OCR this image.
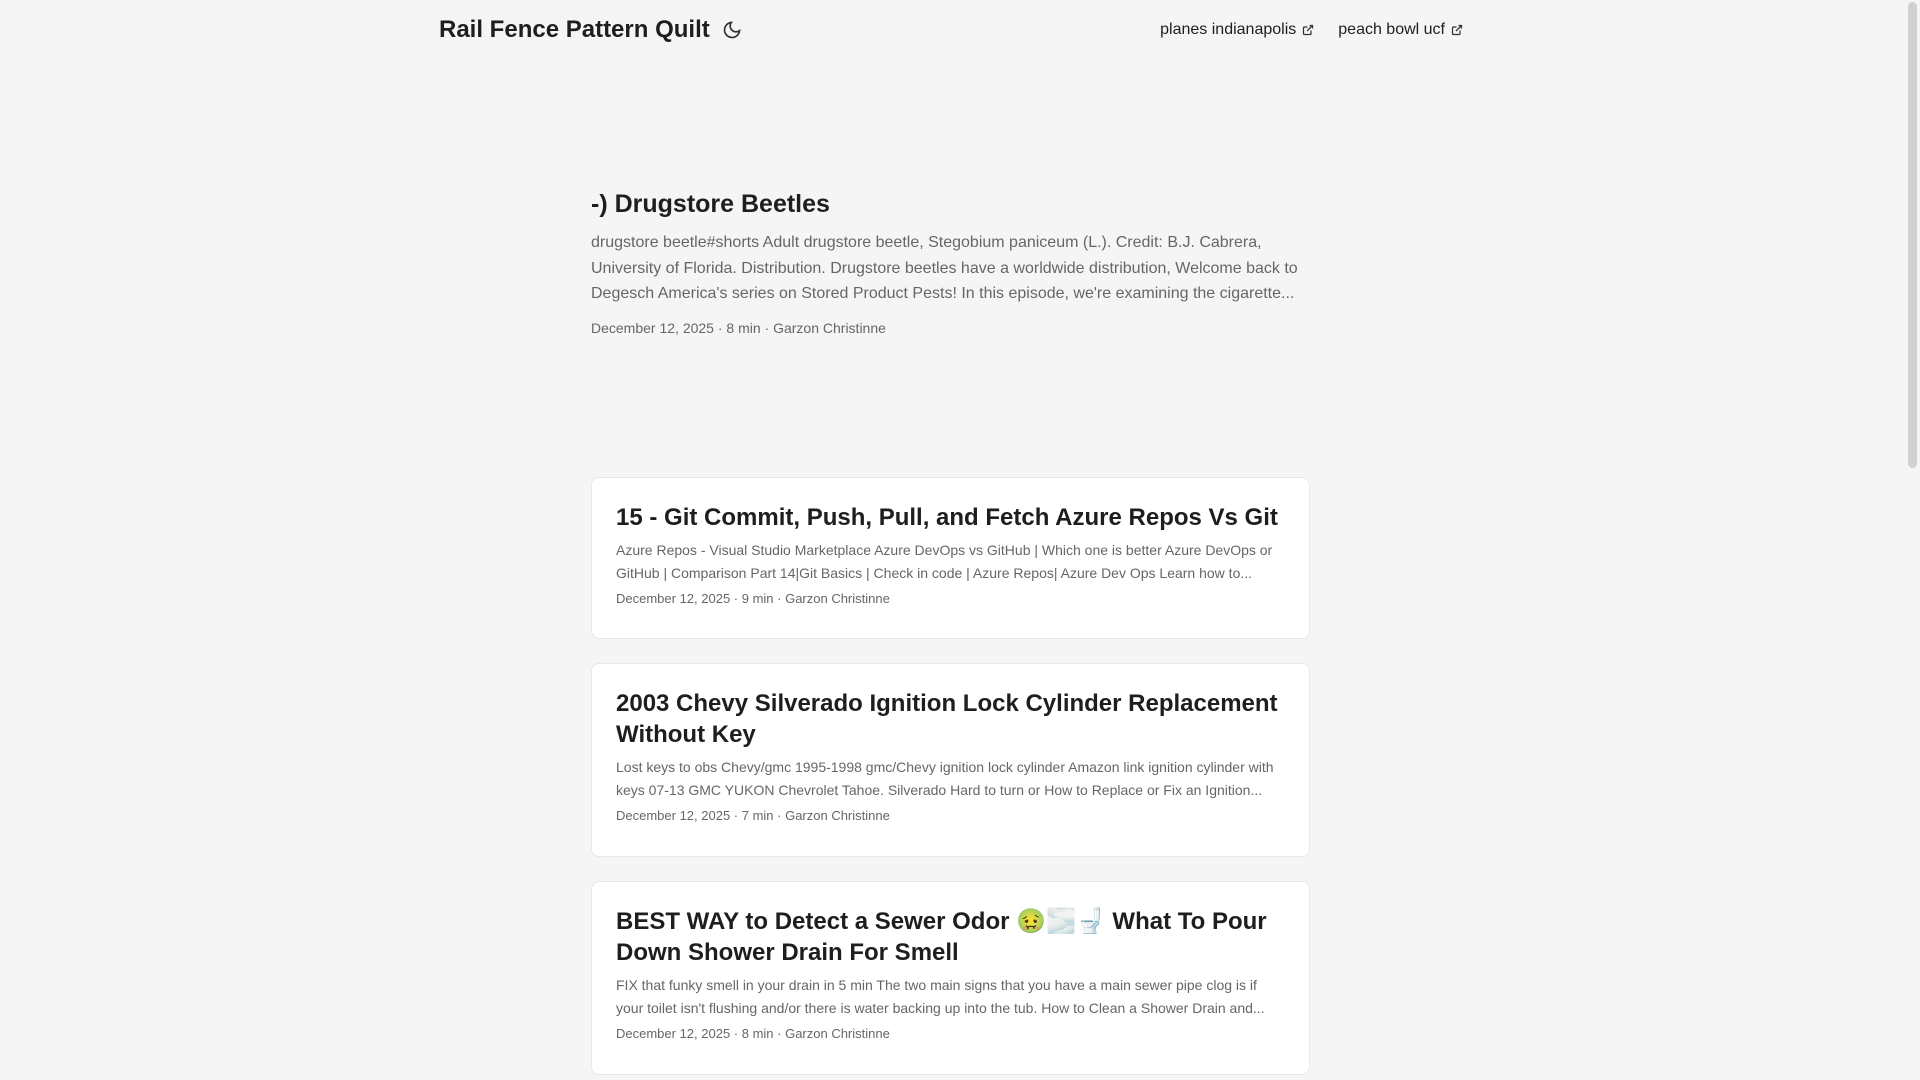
Rail Fence Pattern Quilt	planes indianapolis	peach bowl ucf
-) Drugstore Beetles

drugstore beetle#shorts Adult drugstore beetle, Stegobium paniceum (L.). Credit: B.J. Cabrera, University of Florida. Distribution. Drugstore beetles have a worldwide distribution, Welcome back to Degesch America's series on Stored Product Pests! In this episode, we're examining the cigarette...

December 12, 2025 · 8 min · Garzon Christinne
15 - Git Commit, Push, Pull, and Fetch Azure Repos Vs Git

Azure Repos - Visual Studio Marketplace Azure DevOps vs GitHub | Which one is better Azure DevOps or GitHub | Comparison Part 14|Git Basics | Check in code | Azure Repos| Azure Dev Ops Learn how to...

December 12, 2025 · 9 min · Garzon Christinne
2003 Chevy Silverado Ignition Lock Cylinder Replacement Without Key

Lost keys to obs Chevy/gmc 1995-1998 gmc/Chevy ignition lock cylinder Amazon link ignition cylinder with keys 07-13 GMC YUKON Chevrolet Tahoe. Silverado Hard to turn or How to Replace or Fix an Ignition...

December 12, 2025 · 7 min · Garzon Christinne
BEST WAY to Detect a Sewer Odor 🤢🌫️🚽 What To Pour Down Shower Drain For Smell

FIX that funky smell in your drain in 5 min The two main signs that you have a main sewer pipe clog is if your toilet isn't flushing and/or there is water backing up into the tub. How to Clean a Shower Drain and...

December 12, 2025 · 8 min · Garzon Christinne
